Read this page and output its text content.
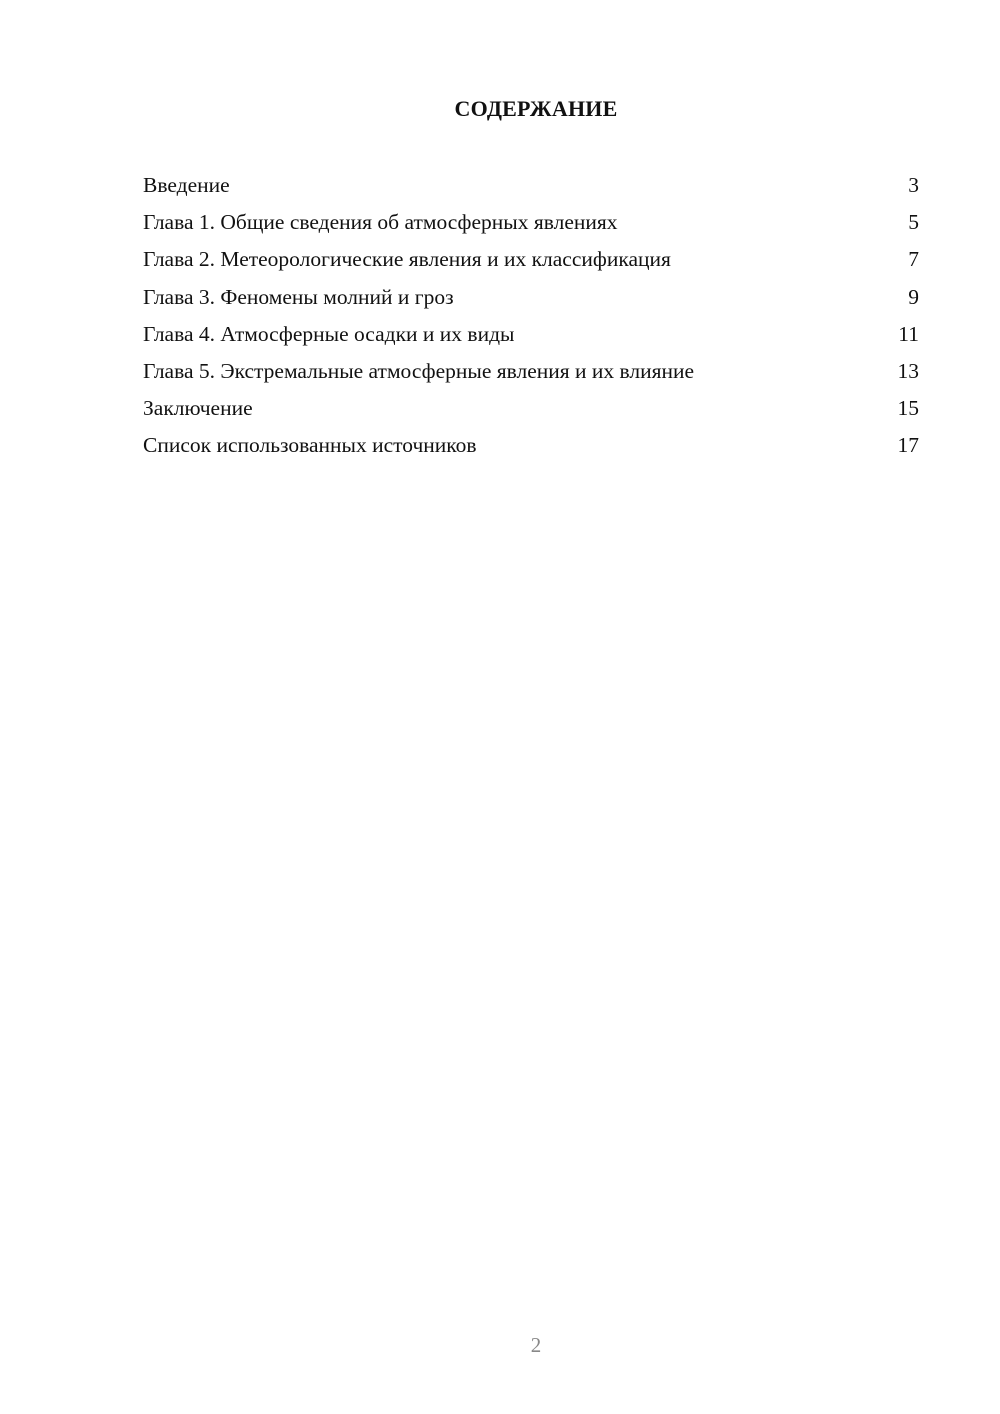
СОДЕРЖАНИЕ
Введение	3
Глава 1. Общие сведения об атмосферных явлениях	5
Глава 2. Метеорологические явления и их классификация	7
Глава 3. Феномены молний и гроз	9
Глава 4. Атмосферные осадки и их виды	11
Глава 5. Экстремальные атмосферные явления и их влияние	13
Заключение	15
Список использованных источников	17
2
